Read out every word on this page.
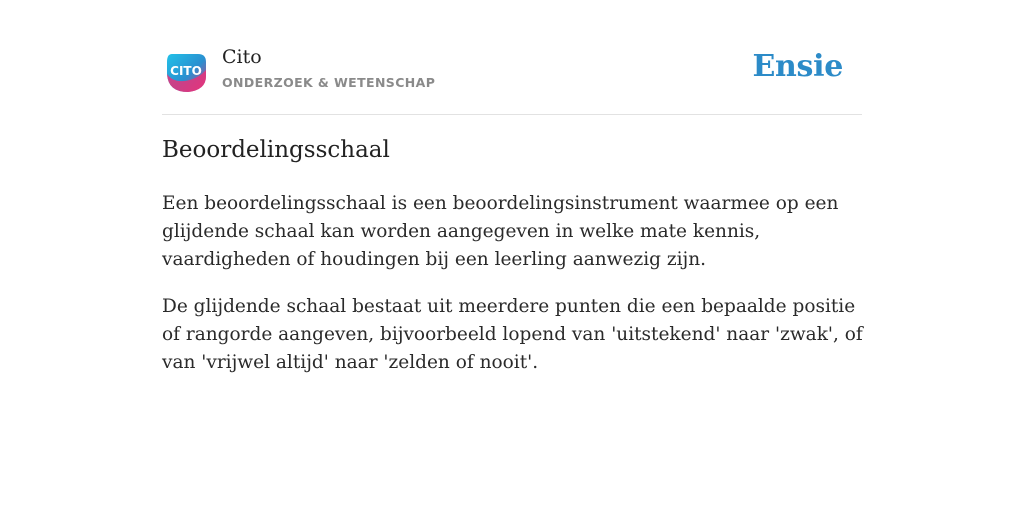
CITO
Cito
ONDERZOEK & WETENSCHAP	Ensie
Beoordelingsschaal

Een beoordelingsschaal is een beoordelingsinstrument waarmee op een glijdende schaal kan worden aangegeven in welke mate kennis, vaardigheden of houdingen bij een leerling aanwezig zijn.

De glijdende schaal bestaat uit meerdere punten die een bepaalde positie of rangorde aangeven, bijvoorbeeld lopend van 'uitstekend' naar 'zwak', of van 'vrijwel altijd' naar 'zelden of nooit'.
